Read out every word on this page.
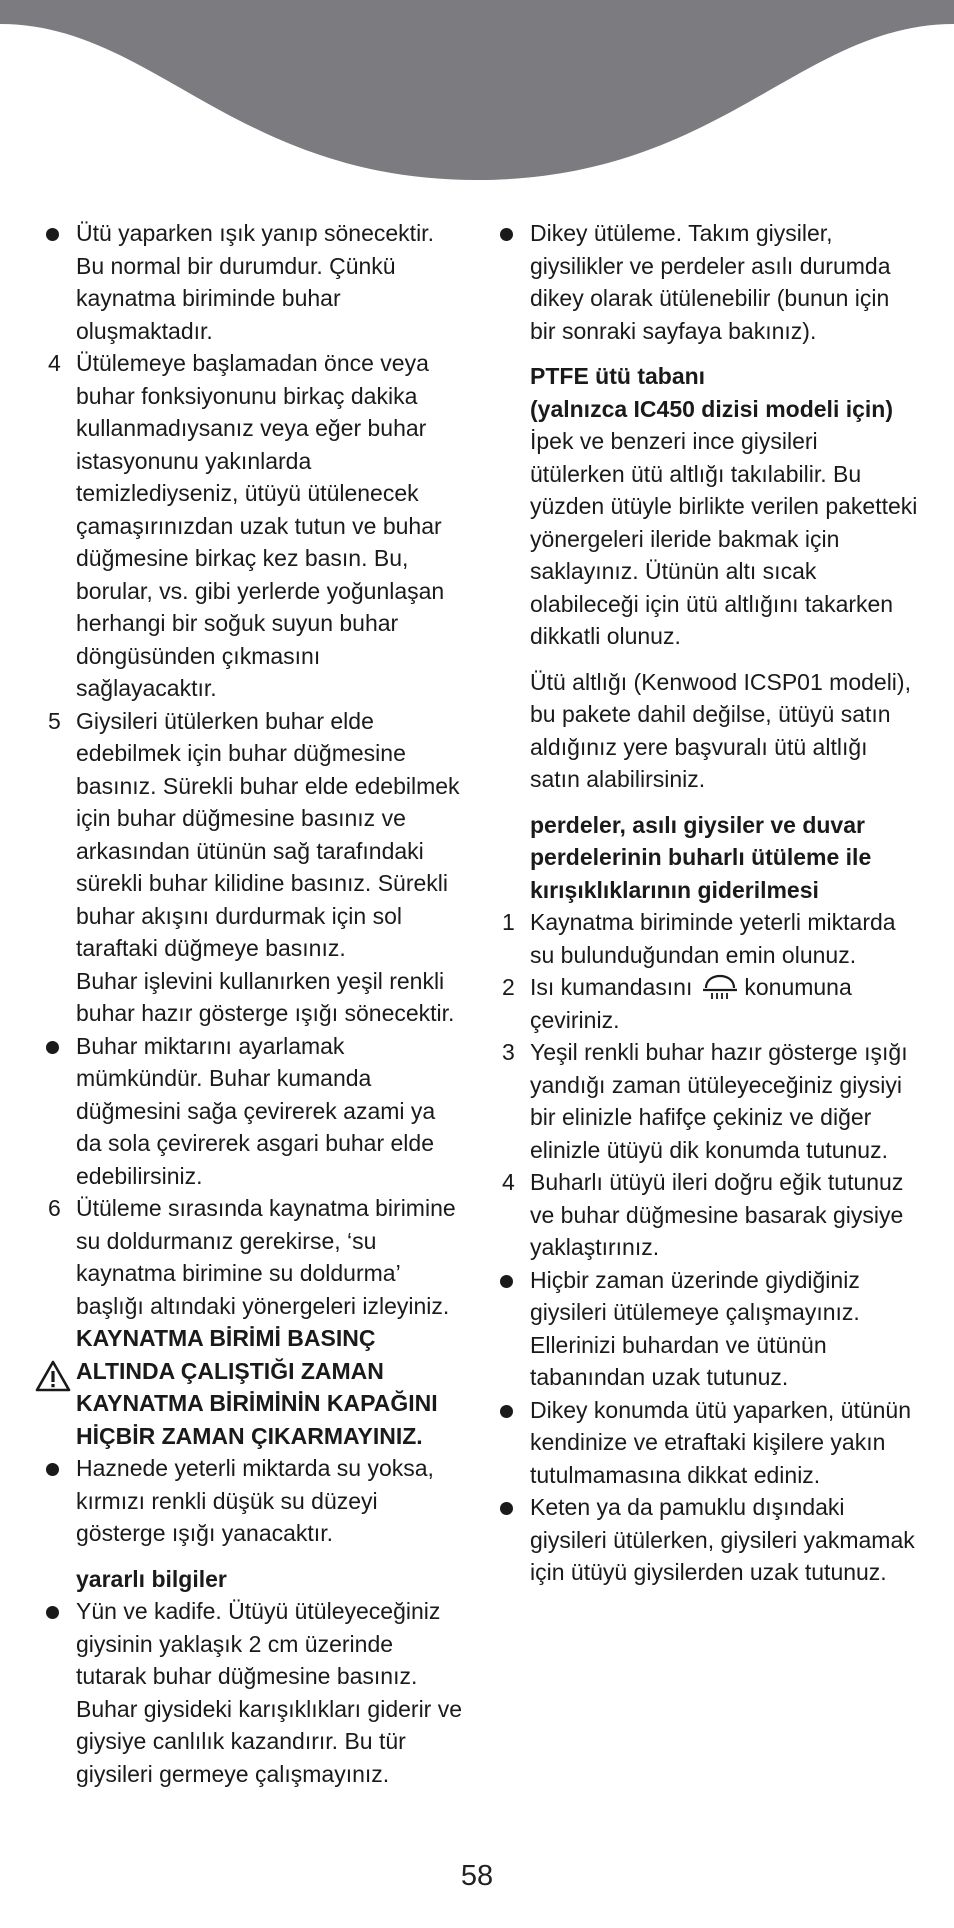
Ütü yaparken ışık yanıp sönecektir. Bu normal bir durumdur. Çünkü kaynatma biriminde buhar oluşmaktadır.
4 Ütülemeye başlamadan önce veya buhar fonksiyonunu birkaç dakika kullanmadıysanız veya eğer buhar istasyonunu yakınlarda temizlediyseniz, ütüyü ütülenecek çamaşırınızdan uzak tutun ve buhar düğmesine birkaç kez basın. Bu, borular, vs. gibi yerlerde yoğunlaşan herhangi bir soğuk suyun buhar döngüsünden çıkmasını sağlayacaktır.
5 Giysileri ütülerken buhar elde edebilmek için buhar düğmesine basınız. Sürekli buhar elde edebilmek için buhar düğmesine basınız ve arkasından ütünün sağ tarafındaki sürekli buhar kilidine basınız. Sürekli buhar akışını durdurmak için sol taraftaki düğmeye basınız.
Buhar işlevini kullanırken yeşil renkli buhar hazır gösterge ışığı sönecektir.
Buhar miktarını ayarlamak mümkündür. Buhar kumanda düğmesini sağa çevirerek azami ya da sola çevirerek asgari buhar elde edebilirsiniz.
6 Ütüleme sırasında kaynatma birimine su doldurmanız gerekirse, ‘su kaynatma birimine su doldurma’ başlığı altındaki yönergeleri izleyiniz.
KAYNATMA BİRİMİ BASINÇ ALTINDA ÇALIŞTIĞI ZAMAN KAYNATMA BİRİMİNİN KAPAĞINI HİÇBİR ZAMAN ÇIKARMAYINIZ.
Haznede yeterli miktarda su yoksa, kırmızı renkli düşük su düzeyi gösterge ışığı yanacaktır.
yararlı bilgiler
Yün ve kadife. Ütüyü ütüleyeceğiniz giysinin yaklaşık 2 cm üzerinde tutarak buhar düğmesine basınız. Buhar giysideki karışıklıkları giderir ve giysiye canlılık kazandırır. Bu tür giysileri germeye çalışmayınız.
Dikey ütüleme. Takım giysiler, giysilikler ve perdeler asılı durumda dikey olarak ütülenebilir (bunun için bir sonraki sayfaya bakınız).
PTFE ütü tabanı
(yalnızca IC450 dizisi modeli için)
İpek ve benzeri ince giysileri ütülerken ütü altlığı takılabilir. Bu yüzden ütüyle birlikte verilen paketteki yönergeleri ileride bakmak için saklayınız. Ütünün altı sıcak olabileceği için ütü altlığını takarken dikkatli olunuz.
Ütü altlığı (Kenwood ICSP01 modeli), bu pakete dahil değilse, ütüyü satın aldığınız yere başvuralı ütü altlığı satın alabilirsiniz.
perdeler, asılı giysiler ve duvar perdelerinin buharlı ütüleme ile kırışıklıklarının giderilmesi
1 Kaynatma biriminde yeterli miktarda su bulunduğundan emin olunuz.
2 Isı kumandasını konumuna çeviriniz.
3 Yeşil renkli buhar hazır gösterge ışığı yandığı zaman ütüleyeceğiniz giysiyi bir elinizle hafifçe çekiniz ve diğer elinizle ütüyü dik konumda tutunuz.
4 Buharlı ütüyü ileri doğru eğik tutunuz ve buhar düğmesine basarak giysiye yaklaştırınız.
Hiçbir zaman üzerinde giydiğiniz giysileri ütülemeye çalışmayınız. Ellerinizi buhardan ve ütünün tabanından uzak tutunuz.
Dikey konumda ütü yaparken, ütünün kendinize ve etraftaki kişilere yakın tutulmamasına dikkat ediniz.
Keten ya da pamuklu dışındaki giysileri ütülerken, giysileri yakmamak için ütüyü giysilerden uzak tutunuz.
58
